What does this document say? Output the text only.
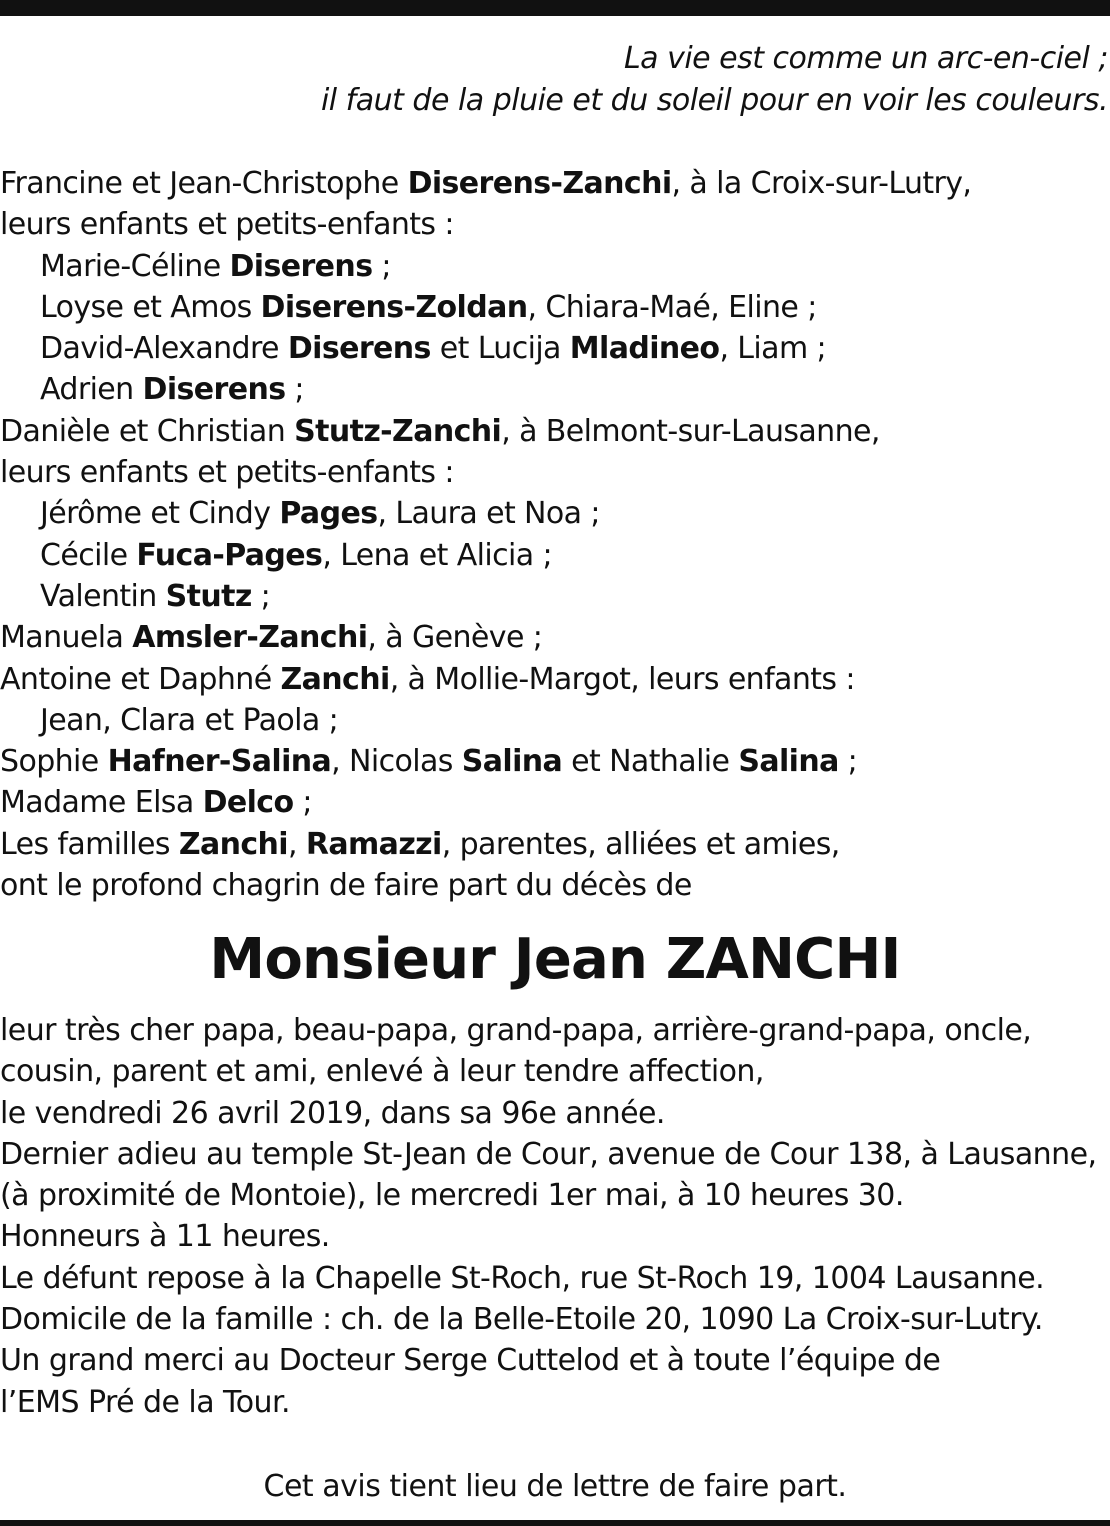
La vie est comme un arc-en-ciel ;
il faut de la pluie et du soleil pour en voir les couleurs.
Francine et Jean-Christophe Diserens-Zanchi, à la Croix-sur-Lutry,
leurs enfants et petits-enfants :
Marie-Céline Diserens ;
Loyse et Amos Diserens-Zoldan, Chiara-Maé, Eline ;
David-Alexandre Diserens et Lucija Mladineo, Liam ;
Adrien Diserens ;
Danièle et Christian Stutz-Zanchi, à Belmont-sur-Lausanne,
leurs enfants et petits-enfants :
Jérôme et Cindy Pages, Laura et Noa ;
Cécile Fuca-Pages, Lena et Alicia ;
Valentin Stutz ;
Manuela Amsler-Zanchi, à Genève ;
Antoine et Daphné Zanchi, à Mollie-Margot, leurs enfants :
Jean, Clara et Paola ;
Sophie Hafner-Salina, Nicolas Salina et Nathalie Salina ;
Madame Elsa Delco ;
Les familles Zanchi, Ramazzi, parentes, alliées et amies,
ont le profond chagrin de faire part du décès de
Monsieur Jean ZANCHI
leur très cher papa, beau-papa, grand-papa, arrière-grand-papa, oncle,
cousin, parent et ami, enlevé à leur tendre affection,
le vendredi 26 avril 2019, dans sa 96e année.
Dernier adieu au temple St-Jean de Cour, avenue de Cour 138, à Lausanne,
(à proximité de Montoie), le mercredi 1er mai, à 10 heures 30.
Honneurs à 11 heures.
Le défunt repose à la Chapelle St-Roch, rue St-Roch 19, 1004 Lausanne.
Domicile de la famille : ch. de la Belle-Etoile 20, 1090 La Croix-sur-Lutry.
Un grand merci au Docteur Serge Cuttelod et à toute l’équipe de
l’EMS Pré de la Tour.
Cet avis tient lieu de lettre de faire part.
